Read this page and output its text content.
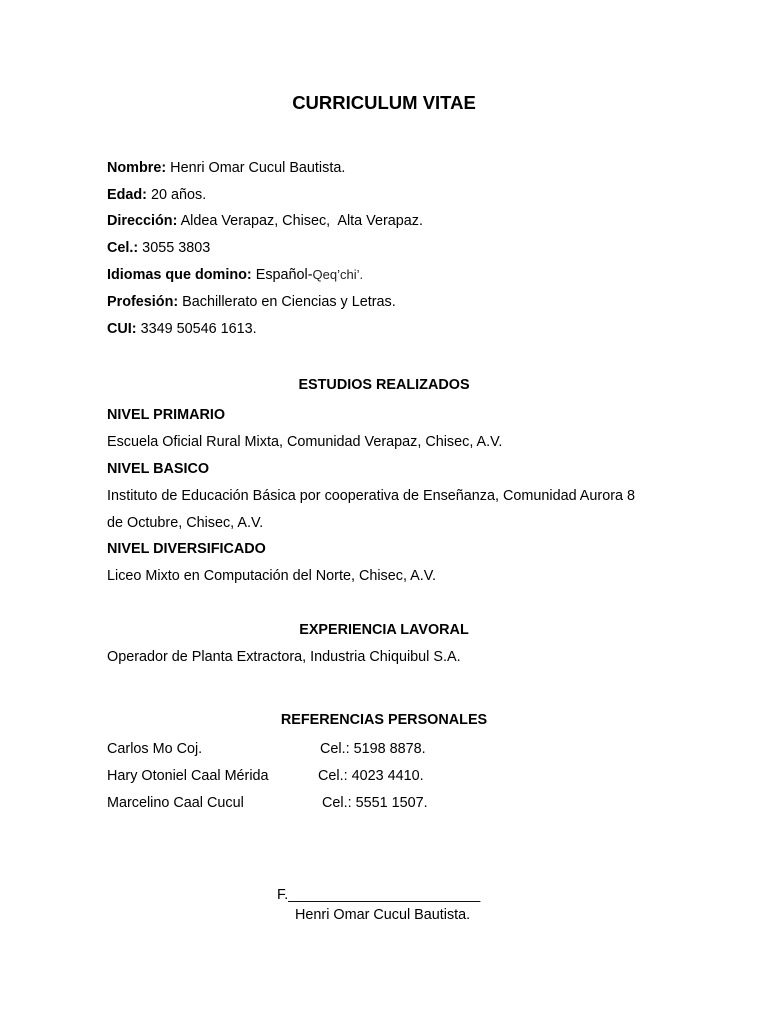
CURRICULUM VITAE
Nombre: Henri Omar Cucul Bautista.
Edad: 20 años.
Dirección: Aldea Verapaz, Chisec,  Alta Verapaz.
Cel.: 3055 3803
Idiomas que domino: Español-Qeq’chi’.
Profesión: Bachillerato en Ciencias y Letras.
CUI: 3349 50546 1613.
ESTUDIOS REALIZADOS
NIVEL PRIMARIO
Escuela Oficial Rural Mixta, Comunidad Verapaz, Chisec, A.V.
NIVEL BASICO
Instituto de Educación Básica por cooperativa de Enseñanza, Comunidad Aurora 8
de Octubre, Chisec, A.V.
NIVEL DIVERSIFICADO
Liceo Mixto en Computación del Norte, Chisec, A.V.
EXPERIENCIA LAVORAL
Operador de Planta Extractora, Industria Chiquibul S.A.
REFERENCIAS PERSONALES
Carlos Mo Coj.	Cel.: 5198 8878.
Hary Otoniel Caal Mérida	Cel.: 4023 4410.
Marcelino Caal Cucul	Cel.: 5551 1507.
F.________________________
Henri Omar Cucul Bautista.
